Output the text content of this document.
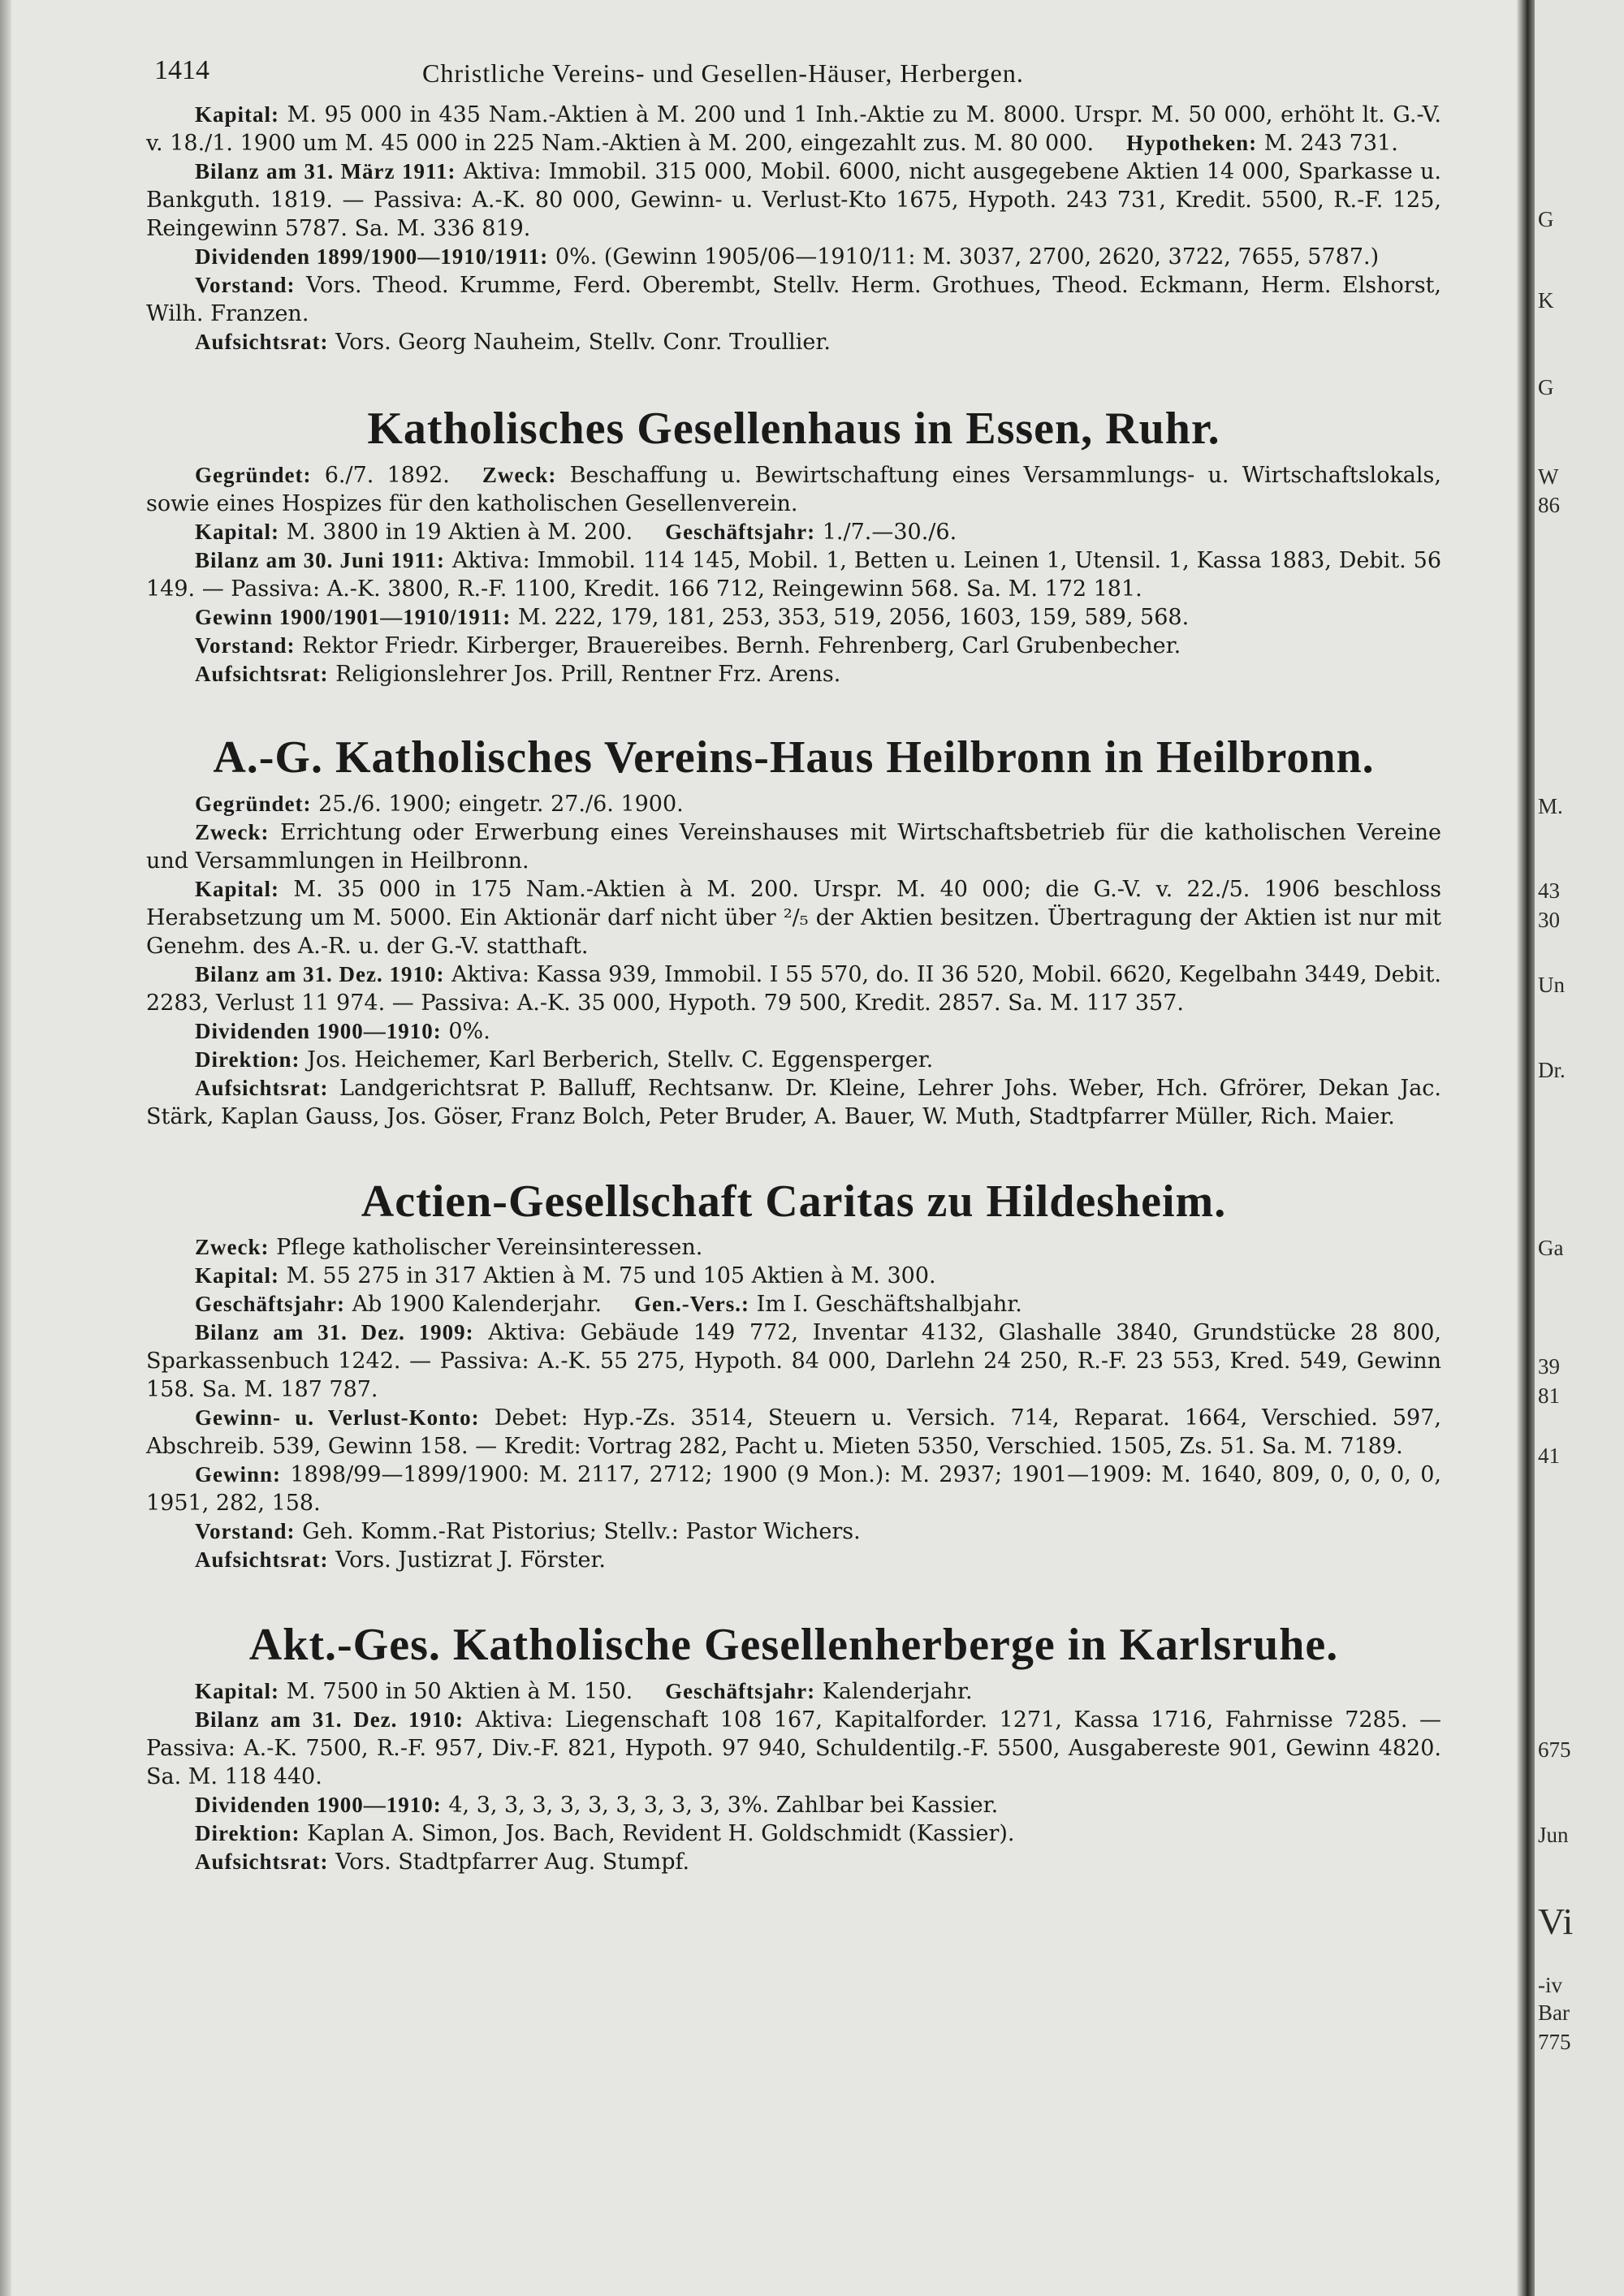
1414	Christliche Vereins- und Gesellen-Häuser, Herbergen.

Kapital: M. 95 000 in 435 Nam.-Aktien à M. 200 und 1 Inh.-Aktie zu M. 8000. Urspr. M. 50 000, erhöht lt. G.-V. v. 18./1. 1900 um M. 45 000 in 225 Nam.-Aktien à M. 200, eingezahlt zus. M. 80 000. Hypotheken: M. 243 731.

Bilanz am 31. März 1911: Aktiva: Immobil. 315 000, Mobil. 6000, nicht ausgegebene Aktien 14 000, Sparkasse u. Bankguth. 1819. — Passiva: A.-K. 80 000, Gewinn- u. Verlust-Kto 1675, Hypoth. 243 731, Kredit. 5500, R.-F. 125, Reingewinn 5787. Sa. M. 336 819.

Dividenden 1899/1900—1910/1911: 0%. (Gewinn 1905/06—1910/11: M. 3037, 2700, 2620, 3722, 7655, 5787.)

Vorstand: Vors. Theod. Krumme, Ferd. Oberembt, Stellv. Herm. Grothues, Theod. Eckmann, Herm. Elshorst, Wilh. Franzen.

Aufsichtsrat: Vors. Georg Nauheim, Stellv. Conr. Troullier.

Katholisches Gesellenhaus in Essen, Ruhr.

Gegründet: 6./7. 1892. Zweck: Beschaffung u. Bewirtschaftung eines Versammlungs- u. Wirtschaftslokals, sowie eines Hospizes für den katholischen Gesellenverein.

Kapital: M. 3800 in 19 Aktien à M. 200. Geschäftsjahr: 1./7.—30./6.

Bilanz am 30. Juni 1911: Aktiva: Immobil. 114 145, Mobil. 1, Betten u. Leinen 1, Utensil. 1, Kassa 1883, Debit. 56 149. — Passiva: A.-K. 3800, R.-F. 1100, Kredit. 166 712, Reingewinn 568. Sa. M. 172 181.

Gewinn 1900/1901—1910/1911: M. 222, 179, 181, 253, 353, 519, 2056, 1603, 159, 589, 568.

Vorstand: Rektor Friedr. Kirberger, Brauereibes. Bernh. Fehrenberg, Carl Grubenbecher.

Aufsichtsrat: Religionslehrer Jos. Prill, Rentner Frz. Arens.

A.-G. Katholisches Vereins-Haus Heilbronn in Heilbronn.

Gegründet: 25./6. 1900; eingetr. 27./6. 1900.

Zweck: Errichtung oder Erwerbung eines Vereinshauses mit Wirtschaftsbetrieb für die katholischen Vereine und Versammlungen in Heilbronn.

Kapital: M. 35 000 in 175 Nam.-Aktien à M. 200. Urspr. M. 40 000; die G.-V. v. 22./5. 1906 beschloss Herabsetzung um M. 5000. Ein Aktionär darf nicht über ²/₅ der Aktien besitzen. Übertragung der Aktien ist nur mit Genehm. des A.-R. u. der G.-V. statthaft.

Bilanz am 31. Dez. 1910: Aktiva: Kassa 939, Immobil. I 55 570, do. II 36 520, Mobil. 6620, Kegelbahn 3449, Debit. 2283, Verlust 11 974. — Passiva: A.-K. 35 000, Hypoth. 79 500, Kredit. 2857. Sa. M. 117 357.

Dividenden 1900—1910: 0%.

Direktion: Jos. Heichemer, Karl Berberich, Stellv. C. Eggensperger.

Aufsichtsrat: Landgerichtsrat P. Balluff, Rechtsanw. Dr. Kleine, Lehrer Johs. Weber, Hch. Gfrörer, Dekan Jac. Stärk, Kaplan Gauss, Jos. Göser, Franz Bolch, Peter Bruder, A. Bauer, W. Muth, Stadtpfarrer Müller, Rich. Maier.

Actien-Gesellschaft Caritas zu Hildesheim.

Zweck: Pflege katholischer Vereinsinteressen.

Kapital: M. 55 275 in 317 Aktien à M. 75 und 105 Aktien à M. 300.

Geschäftsjahr: Ab 1900 Kalenderjahr. Gen.-Vers.: Im I. Geschäftshalbjahr.

Bilanz am 31. Dez. 1909: Aktiva: Gebäude 149 772, Inventar 4132, Glashalle 3840, Grundstücke 28 800, Sparkassenbuch 1242. — Passiva: A.-K. 55 275, Hypoth. 84 000, Darlehn 24 250, R.-F. 23 553, Kred. 549, Gewinn 158. Sa. M. 187 787.

Gewinn- u. Verlust-Konto: Debet: Hyp.-Zs. 3514, Steuern u. Versich. 714, Reparat. 1664, Verschied. 597, Abschreib. 539, Gewinn 158. — Kredit: Vortrag 282, Pacht u. Mieten 5350, Verschied. 1505, Zs. 51. Sa. M. 7189.

Gewinn: 1898/99—1899/1900: M. 2117, 2712; 1900 (9 Mon.): M. 2937; 1901—1909: M. 1640, 809, 0, 0, 0, 0, 1951, 282, 158.

Vorstand: Geh. Komm.-Rat Pistorius; Stellv.: Pastor Wichers.

Aufsichtsrat: Vors. Justizrat J. Förster.

Akt.-Ges. Katholische Gesellenherberge in Karlsruhe.

Kapital: M. 7500 in 50 Aktien à M. 150. Geschäftsjahr: Kalenderjahr.

Bilanz am 31. Dez. 1910: Aktiva: Liegenschaft 108 167, Kapitalforder. 1271, Kassa 1716, Fahrnisse 7285. — Passiva: A.-K. 7500, R.-F. 957, Div.-F. 821, Hypoth. 97 940, Schuldentilg.-F. 5500, Ausgabereste 901, Gewinn 4820. Sa. M. 118 440.

Dividenden 1900—1910: 4, 3, 3, 3, 3, 3, 3, 3, 3, 3, 3%. Zahlbar bei Kassier.

Direktion: Kaplan A. Simon, Jos. Bach, Revident H. Goldschmidt (Kassier).

Aufsichtsrat: Vors. Stadtpfarrer Aug. Stumpf.

G
K
G
W
86
M.
43
30
Un
Dr.
Ga
39
81
41
675
Jun
Vi
-iv
Bar
775
